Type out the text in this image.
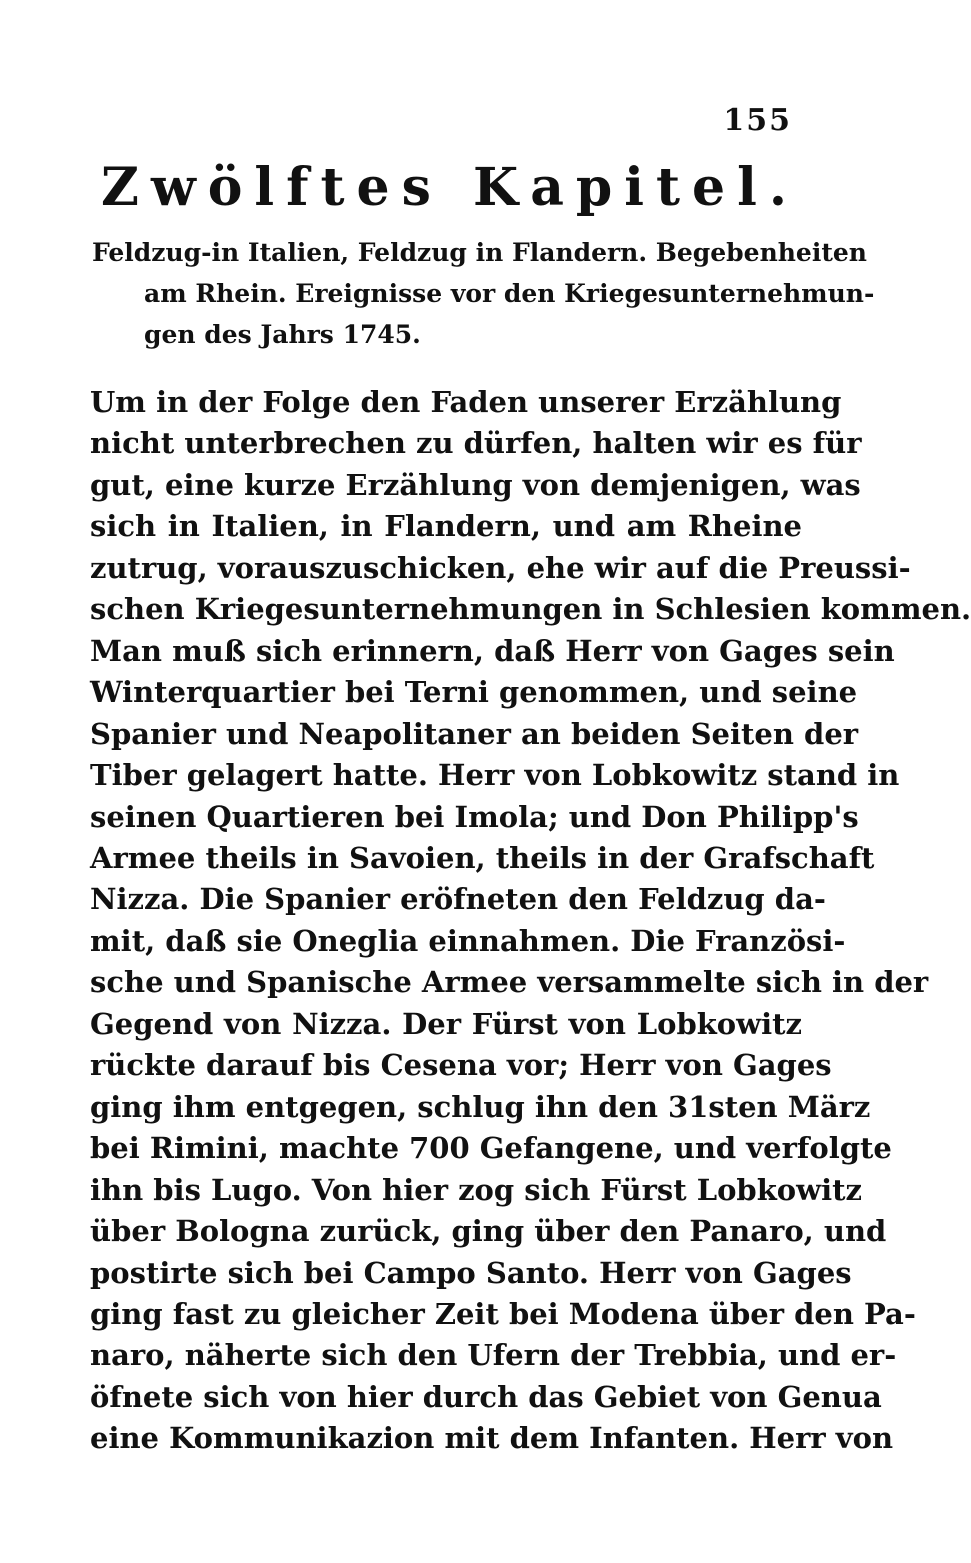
155
Zwölftes Kapitel.
Feldzug-in Italien, Feldzug in Flandern. Begebenheiten
am Rhein. Ereignisse vor den Kriegesunternehmun-
gen des Jahrs 1745.
Um in der Folge den Faden unserer Erzählung
nicht unterbrechen zu dürfen, halten wir es für
gut, eine kurze Erzählung von demjenigen, was
sich in Italien, in Flandern, und am Rheine
zutrug, vorauszuschicken, ehe wir auf die Preussi-
schen Kriegesunternehmungen in Schlesien kommen.
Man muß sich erinnern, daß Herr von Gages sein
Winterquartier bei Terni genommen, und seine
Spanier und Neapolitaner an beiden Seiten der
Tiber gelagert hatte. Herr von Lobkowitz stand in
seinen Quartieren bei Imola; und Don Philipp's
Armee theils in Savoien, theils in der Grafschaft
Nizza. Die Spanier eröfneten den Feldzug da-
mit, daß sie Oneglia einnahmen. Die Französi-
sche und Spanische Armee versammelte sich in der
Gegend von Nizza. Der Fürst von Lobkowitz
rückte darauf bis Cesena vor; Herr von Gages
ging ihm entgegen, schlug ihn den 31sten März
bei Rimini, machte 700 Gefangene, und verfolgte
ihn bis Lugo. Von hier zog sich Fürst Lobkowitz
über Bologna zurück, ging über den Panaro, und
postirte sich bei Campo Santo. Herr von Gages
ging fast zu gleicher Zeit bei Modena über den Pa-
naro, näherte sich den Ufern der Trebbia, und er-
öfnete sich von hier durch das Gebiet von Genua
eine Kommunikazion mit dem Infanten. Herr von
